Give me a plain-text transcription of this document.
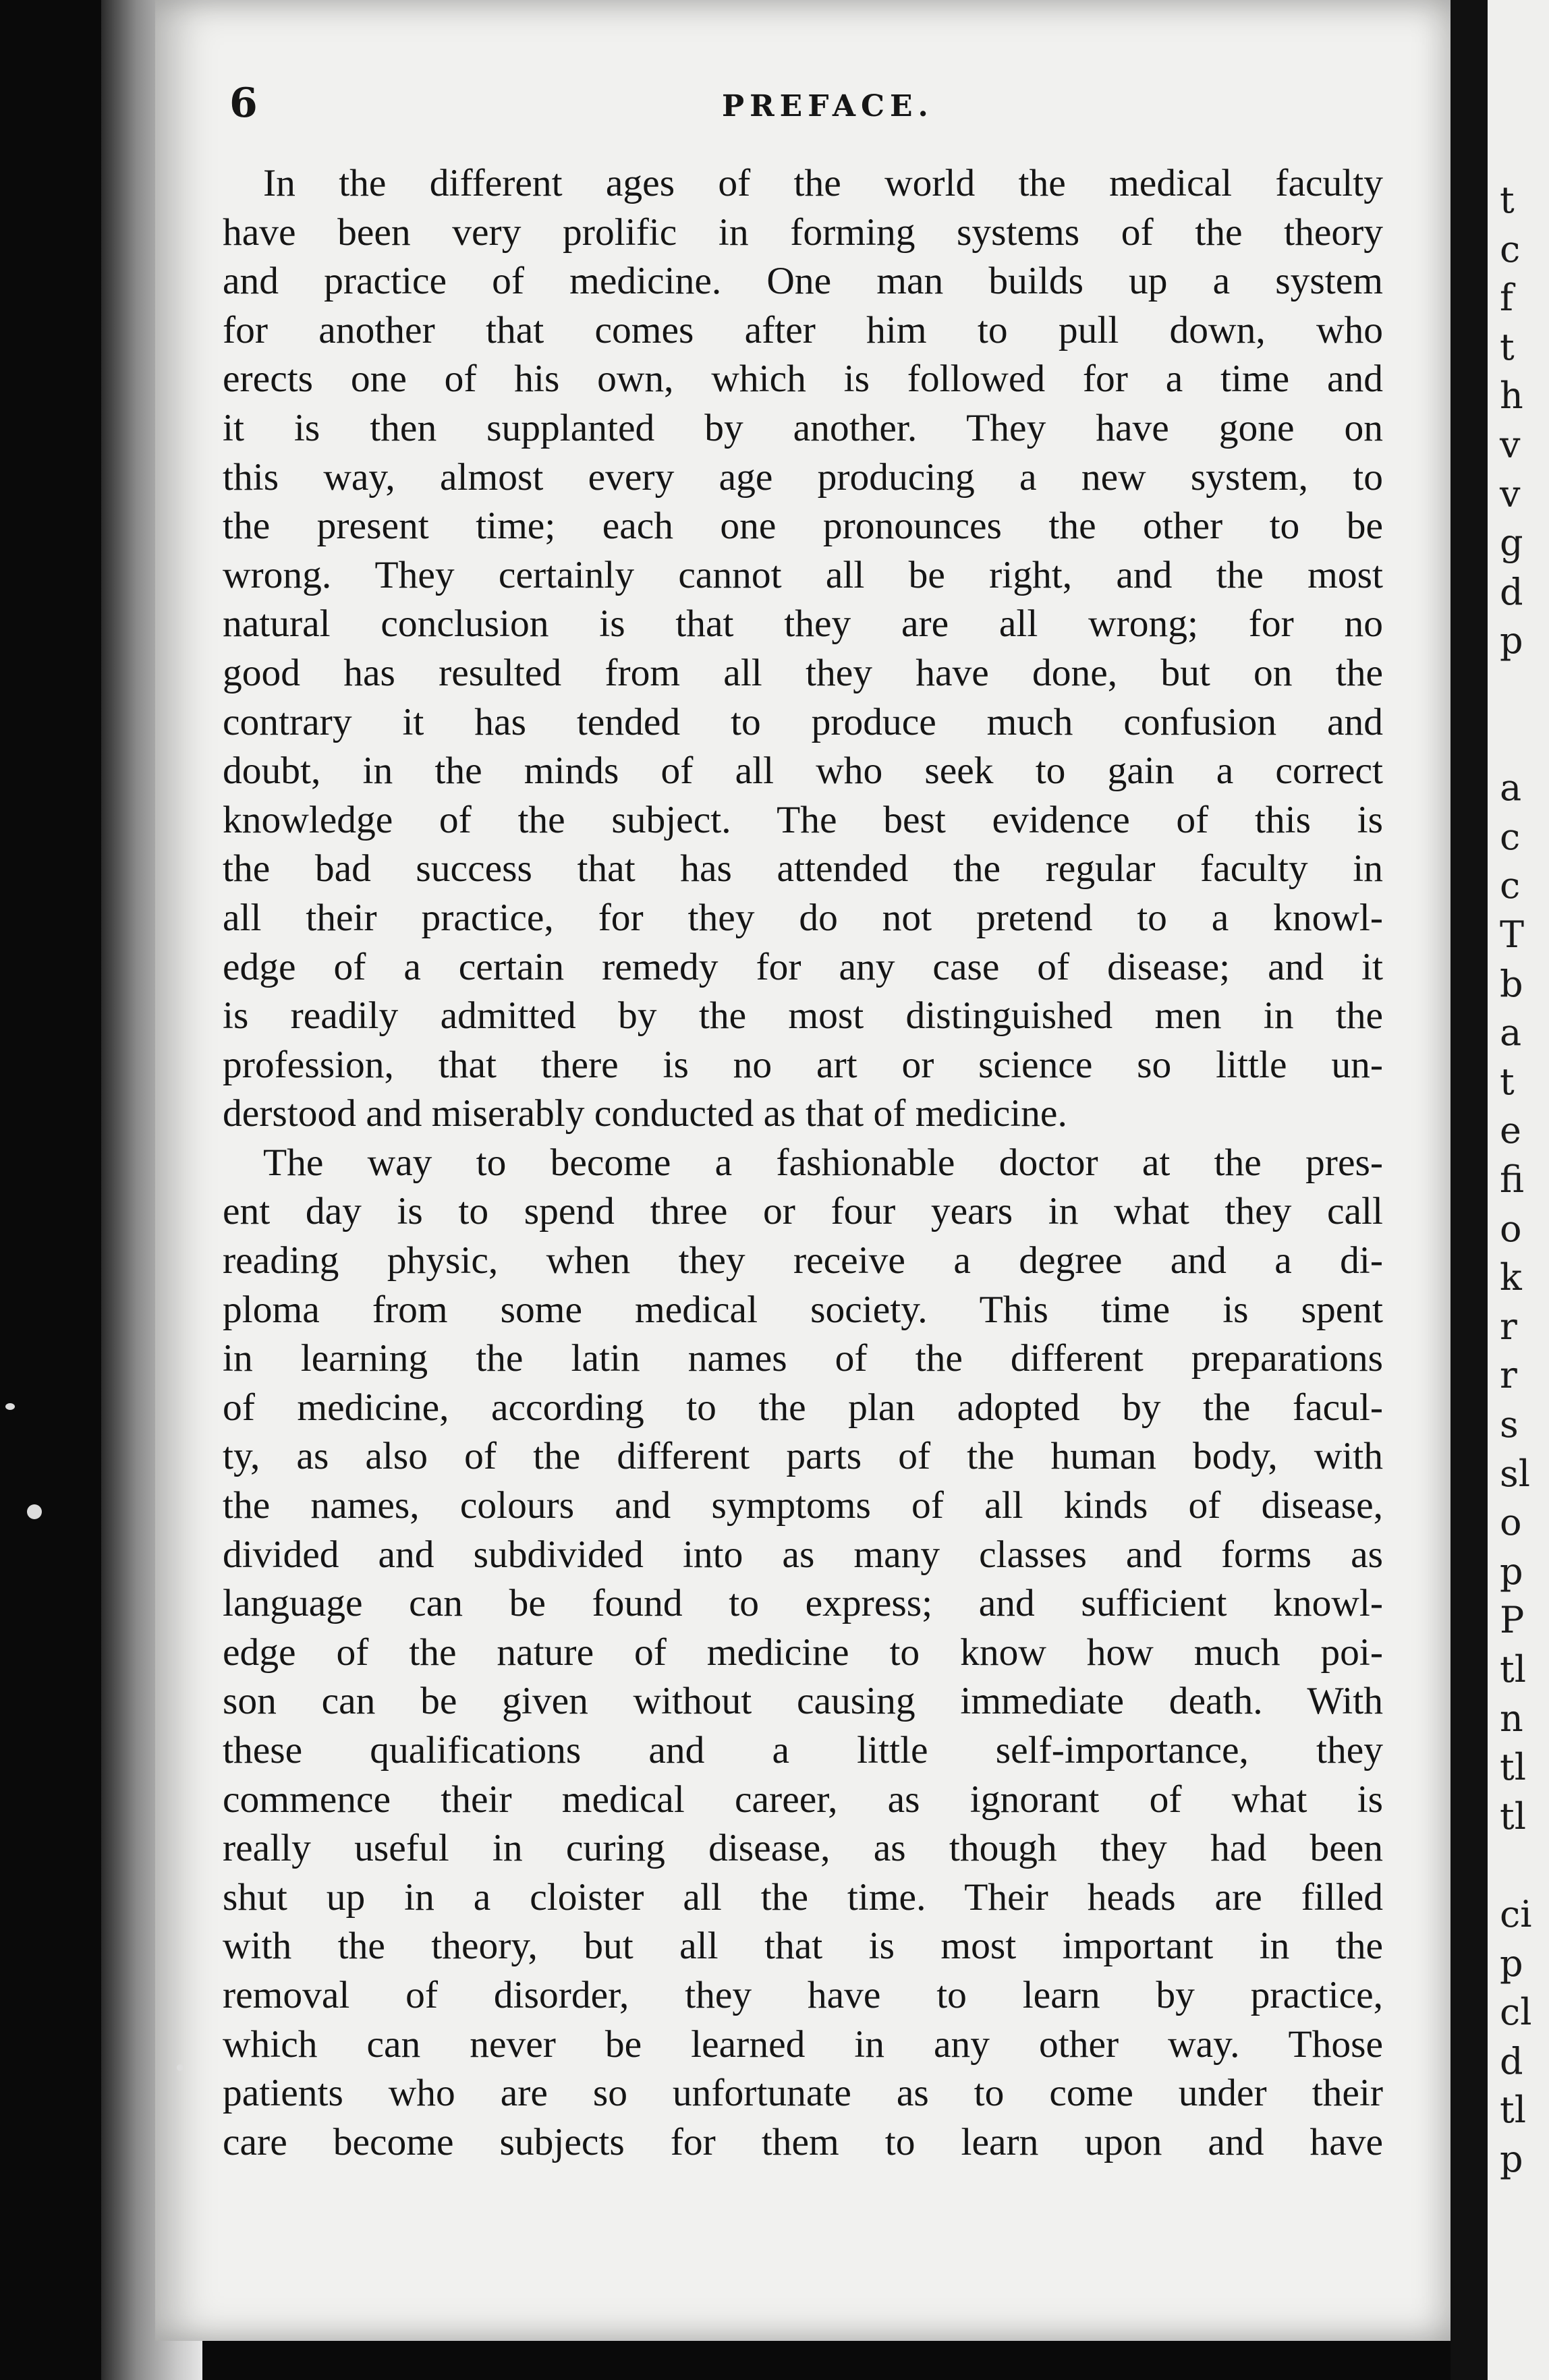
t
c
f
t
h
v
v
g
d
p
a
c
c
T
b
a
t
e
fi
o
k
r
r
s
sl
o
p
P
tl
n
tl
tl
ci
p
cl
d
tl
p
6	PREFACE.
In the different ages of the world the medical faculty
have been very prolific in forming systems of the theory
and practice of medicine. One man builds up a system
for another that comes after him to pull down, who
erects one of his own, which is followed for a time and
it is then supplanted by another. They have gone on
this way, almost every age producing a new system, to
the present time; each one pronounces the other to be
wrong. They certainly cannot all be right, and the most
natural conclusion is that they are all wrong; for no
good has resulted from all they have done, but on the
contrary it has tended to produce much confusion and
doubt, in the minds of all who seek to gain a correct
knowledge of the subject. The best evidence of this is
the bad success that has attended the regular faculty in
all their practice, for they do not pretend to a knowl-
edge of a certain remedy for any case of disease; and it
is readily admitted by the most distinguished men in the
profession, that there is no art or science so little un-
derstood and miserably conducted as that of medicine.
The way to become a fashionable doctor at the pres-
ent day is to spend three or four years in what they call
reading physic, when they receive a degree and a di-
ploma from some medical society. This time is spent
in learning the latin names of the different preparations
of medicine, according to the plan adopted by the facul-
ty, as also of the different parts of the human body, with
the names, colours and symptoms of all kinds of disease,
divided and subdivided into as many classes and forms as
language can be found to express; and sufficient knowl-
edge of the nature of medicine to know how much poi-
son can be given without causing immediate death. With
these qualifications and a little self-importance, they
commence their medical career, as ignorant of what is
really useful in curing disease, as though they had been
shut up in a cloister all the time. Their heads are filled
with the theory, but all that is most important in the
removal of disorder, they have to learn by practice,
which can never be learned in any other way. Those
patients who are so unfortunate as to come under their
care become subjects for them to learn upon and have
